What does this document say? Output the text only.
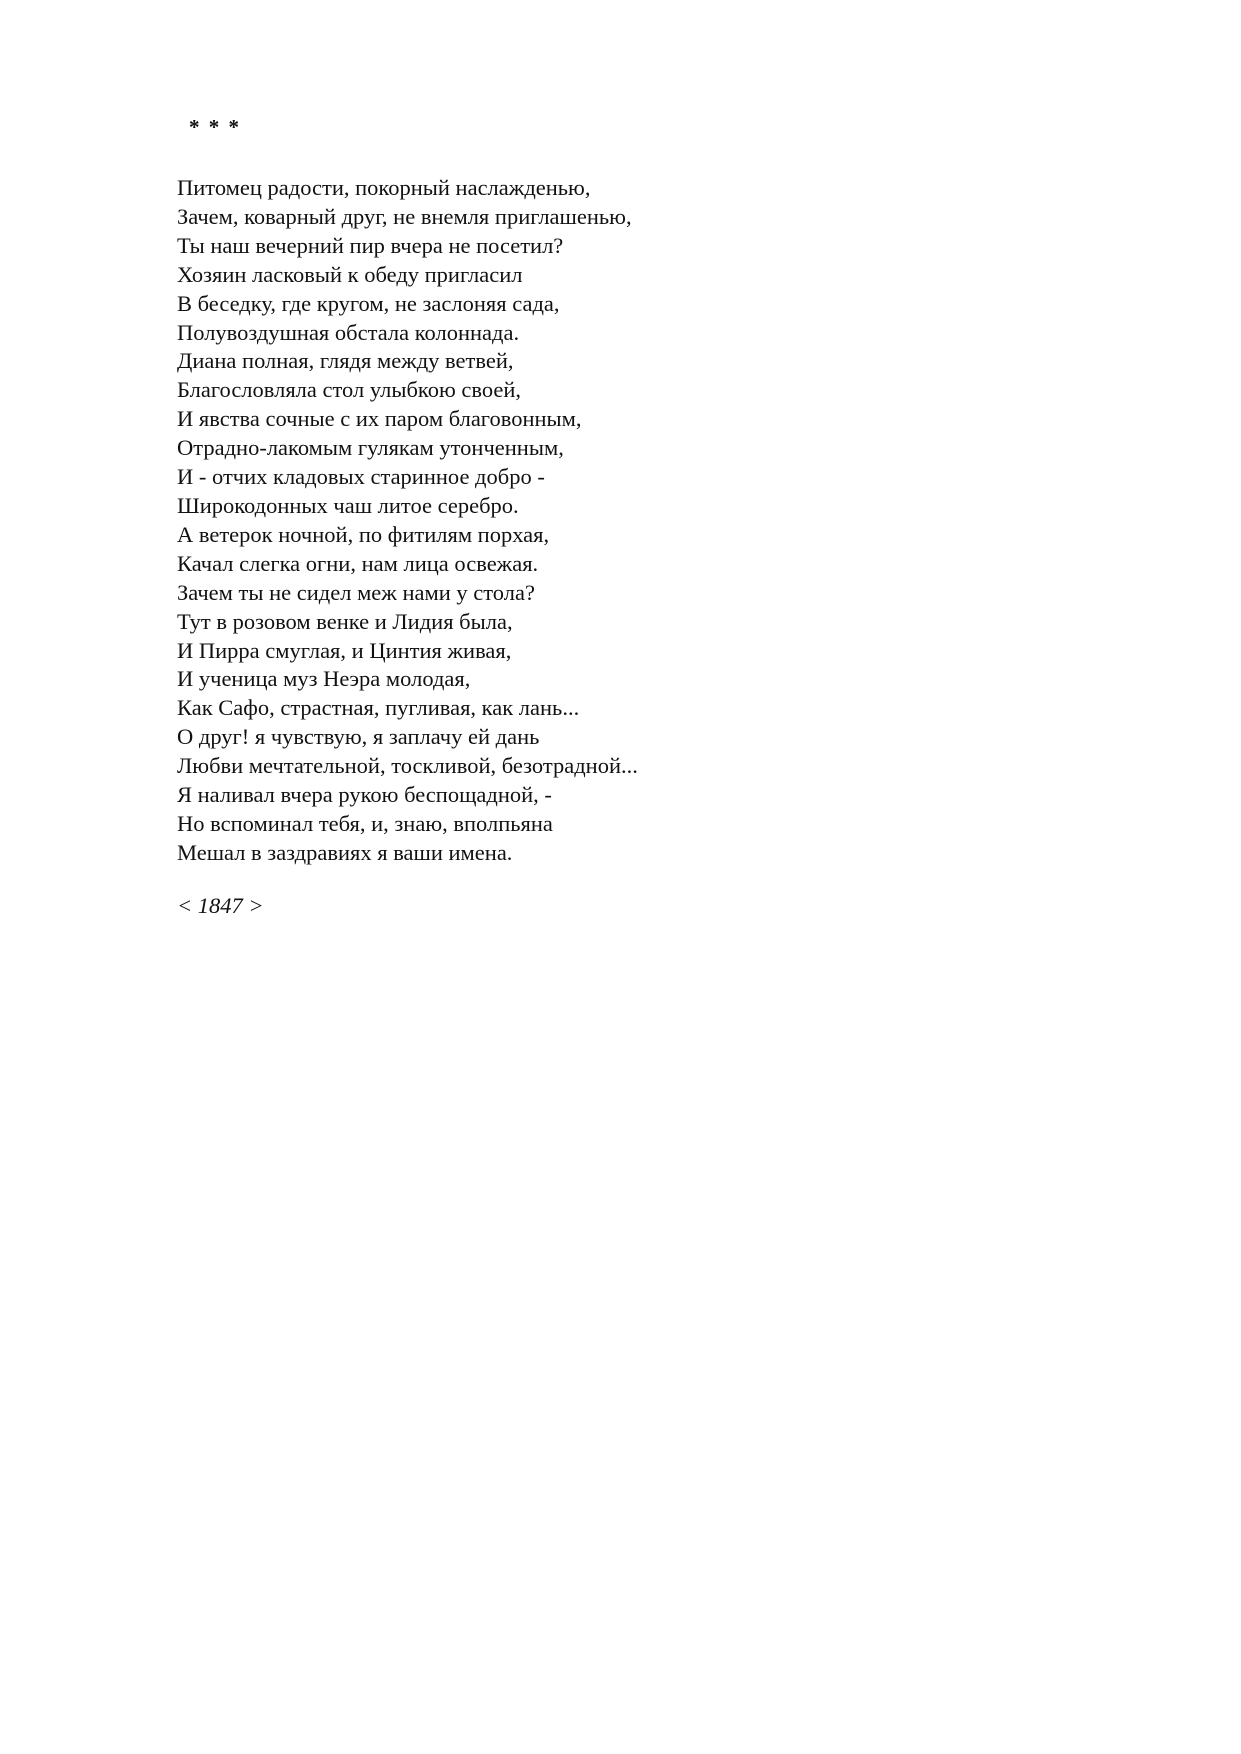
* * *
Питомец радости, покорный наслажденью,
Зачем, коварный друг, не внемля приглашенью,
Ты наш вечерний пир вчера не посетил?
Хозяин ласковый к обеду пригласил
В беседку, где кругом, не заслоняя сада,
Полувоздушная обстала колоннада.
Диана полная, глядя между ветвей,
Благословляла стол улыбкою своей,
И явства сочные с их паром благовонным,
Отрадно-лакомым гулякам утонченным,
И - отчих кладовых старинное добро -
Широкодонных чаш литое серебро.
А ветерок ночной, по фитилям порхая,
Качал слегка огни, нам лица освежая.
Зачем ты не сидел меж нами у стола?
Тут в розовом венке и Лидия была,
И Пирра смуглая, и Цинтия живая,
И ученица муз Неэра молодая,
Как Сафо, страстная, пугливая, как лань...
О друг! я чувствую, я заплачу ей дань
Любви мечтательной, тоскливой, безотрадной...
Я наливал вчера рукою беспощадной, -
Но вспоминал тебя, и, знаю, вполпьяна
Мешал в заздравиях я ваши имена.
< 1847 >
